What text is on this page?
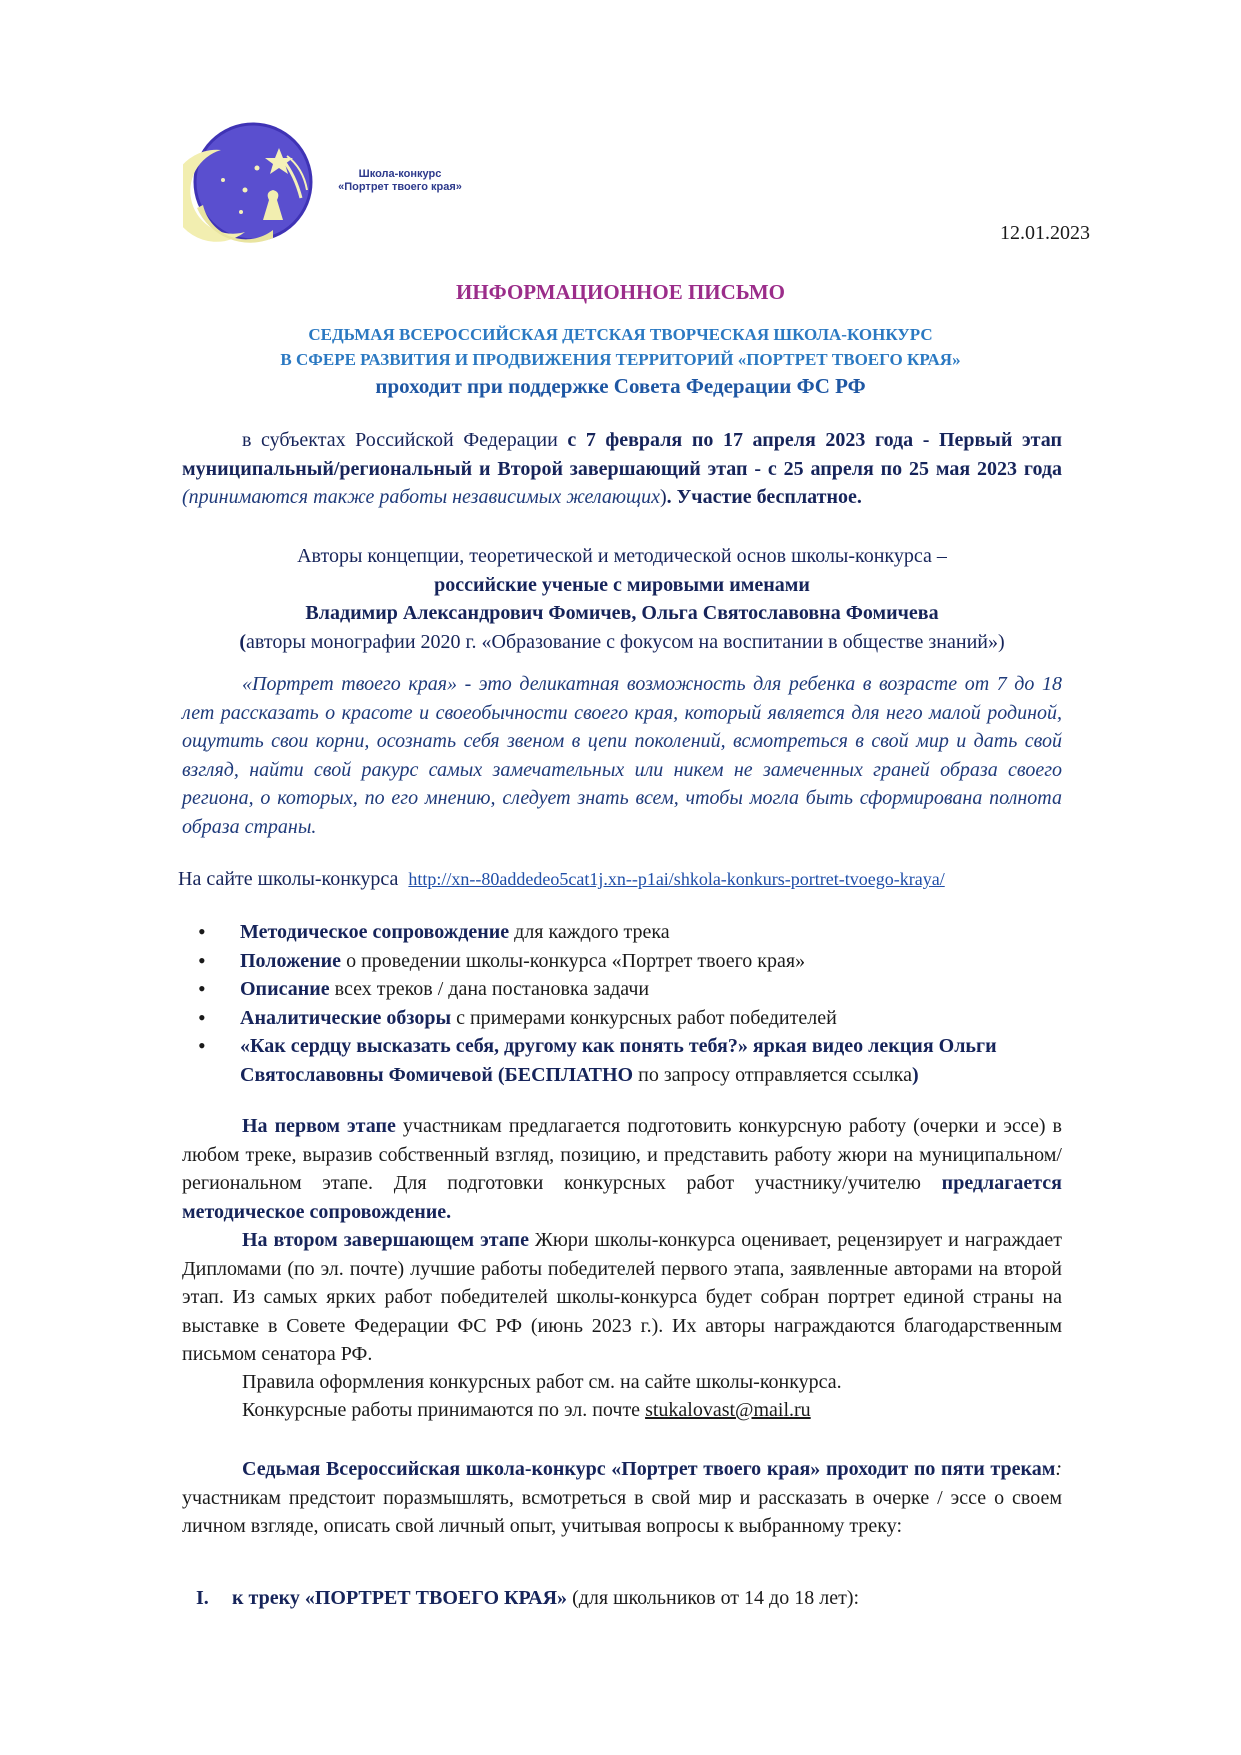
Школа-конкурс
«Портрет твоего края»
12.01.2023
ИНФОРМАЦИОННОЕ ПИСЬМО
СЕДЬМАЯ ВСЕРОССИЙСКАЯ ДЕТСКАЯ ТВОРЧЕСКАЯ ШКОЛА-КОНКУРС
В СФЕРЕ РАЗВИТИЯ И ПРОДВИЖЕНИЯ ТЕРРИТОРИЙ «ПОРТРЕТ ТВОЕГО КРАЯ»
проходит при поддержке Совета Федерации ФС РФ

в субъектах Российской Федерации с 7 февраля по 17 апреля 2023 года - Первый этап муниципальный/региональный и Второй завершающий этап - с 25 апреля по 25 мая 2023 года (принимаются также работы независимых желающих). Участие бесплатное.

Авторы концепции, теоретической и методической основ школы-конкурса –

российские ученые с мировыми именами

Владимир Александрович Фомичев, Ольга Святославовна Фомичева

(авторы монографии 2020 г. «Образование с фокусом на воспитании в обществе знаний»)

«Портрет твоего края» - это деликатная возможность для ребенка в возрасте от 7 до 18 лет рассказать о красоте и своеобычности своего края, который является для него малой родиной, ощутить свои корни, осознать себя звеном в цепи поколений, всмотреться в свой мир и дать свой взгляд, найти свой ракурс самых замечательных или никем не замеченных граней образа своего региона, о которых, по его мнению, следует знать всем, чтобы могла быть сформирована полнота образа страны.

На сайте школы-конкурса http://xn--80addedeo5cat1j.xn--p1ai/shkola-konkurs-portret-tvoego-kraya/
• Методическое сопровождение для каждого трека
• Положение о проведении школы-конкурса «Портрет твоего края»
• Описание всех треков / дана постановка задачи
• Аналитические обзоры с примерами конкурсных работ победителей
• «Как сердцу высказать себя, другому как понять тебя?» яркая видео лекция Ольги Святославовны Фомичевой (БЕСПЛАТНО по запросу отправляется ссылка)

На первом этапе участникам предлагается подготовить конкурсную работу (очерки и эссе) в любом треке, выразив собственный взгляд, позицию, и представить работу жюри на муниципальном/региональном этапе. Для подготовки конкурсных работ участнику/учителю предлагается методическое сопровождение.

На втором завершающем этапе Жюри школы-конкурса оценивает, рецензирует и награждает Дипломами (по эл. почте) лучшие работы победителей первого этапа, заявленные авторами на второй этап. Из самых ярких работ победителей школы-конкурса будет собран портрет единой страны на выставке в Совете Федерации ФС РФ (июнь 2023 г.). Их авторы награждаются благодарственным письмом сенатора РФ.

Правила оформления конкурсных работ см. на сайте школы-конкурса.
Конкурсные работы принимаются по эл. почте stukalovast@mail.ru

Седьмая Всероссийская школа-конкурс «Портрет твоего края» проходит по пяти трекам: участникам предстоит поразмышлять, всмотреться в свой мир и рассказать в очерке / эссе о своем личном взгляде, описать свой личный опыт, учитывая вопросы к выбранному треку:

I. к треку «ПОРТРЕТ ТВОЕГО КРАЯ» (для школьников от 14 до 18 лет):
